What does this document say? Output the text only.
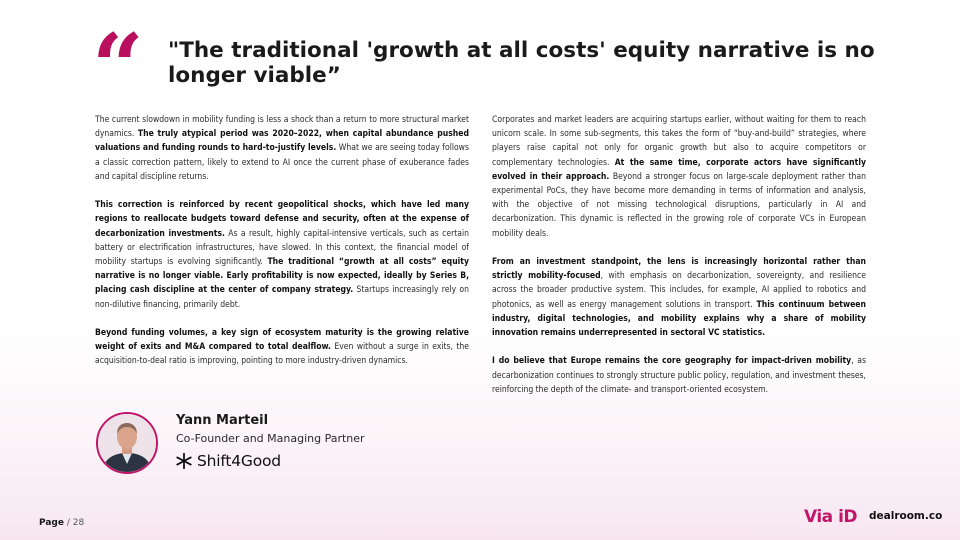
“ "The traditional 'growth at all costs' equity narrative is no longer viable”

The current slowdown in mobility funding is less a shock than a return to more structural market dynamics. The truly atypical period was 2020–2022, when capital abundance pushed valuations and funding rounds to hard-to-justify levels. What we are seeing today follows a classic correction pattern, likely to extend to AI once the current phase of exuberance fades and capital discipline returns.

This correction is reinforced by recent geopolitical shocks, which have led many regions to reallocate budgets toward defense and security, often at the expense of decarbonization investments. As a result, highly capital-intensive verticals, such as certain battery or electrification infrastructures, have slowed. In this context, the financial model of mobility startups is evolving significantly. The traditional “growth at all costs” equity narrative is no longer viable. Early profitability is now expected, ideally by Series B, placing cash discipline at the center of company strategy. Startups increasingly rely on non-dilutive financing, primarily debt.

Beyond funding volumes, a key sign of ecosystem maturity is the growing relative weight of exits and M&A compared to total dealflow. Even without a surge in exits, the acquisition-to-deal ratio is improving, pointing to more industry-driven dynamics.

Corporates and market leaders are acquiring startups earlier, without waiting for them to reach unicorn scale. In some sub-segments, this takes the form of “buy-and-build” strategies, where players raise capital not only for organic growth but also to acquire competitors or complementary technologies. At the same time, corporate actors have significantly evolved in their approach. Beyond a stronger focus on large-scale deployment rather than experimental PoCs, they have become more demanding in terms of information and analysis, with the objective of not missing technological disruptions, particularly in AI and decarbonization. This dynamic is reflected in the growing role of corporate VCs in European mobility deals.

From an investment standpoint, the lens is increasingly horizontal rather than strictly mobility-focused, with emphasis on decarbonization, sovereignty, and resilience across the broader productive system. This includes, for example, AI applied to robotics and photonics, as well as energy management solutions in transport. This continuum between industry, digital technologies, and mobility explains why a share of mobility innovation remains underrepresented in sectoral VC statistics.

I do believe that Europe remains the core geography for impact-driven mobility, as decarbonization continues to strongly structure public policy, regulation, and investment theses, reinforcing the depth of the climate- and transport-oriented ecosystem.

Yann Marteil
Co-Founder and Managing Partner
Shift4Good
Page / 28	Via iD dealroom.co
